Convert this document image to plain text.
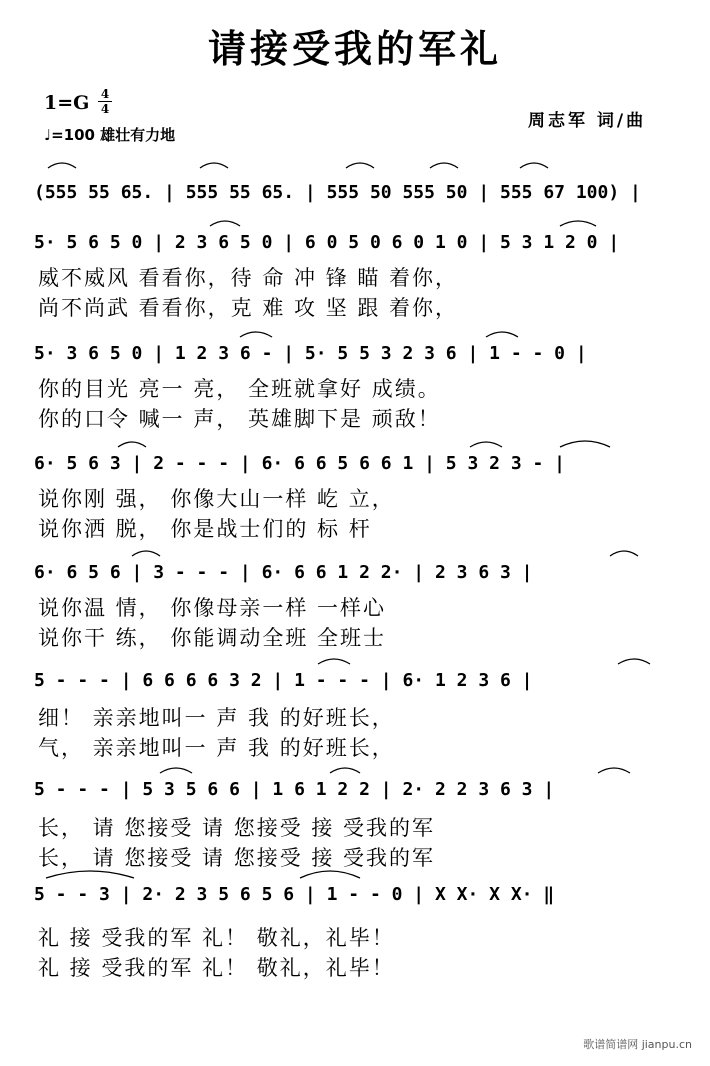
请接受我的军礼
1=G 4
4
♩=100 雄壮有力地
周志军 词/曲
(555 55 65. | 555 55 65. | 555 50 555 50 | 555 67 100) |
5· 5 6 5 0 | 2 3 6 5 0 | 6 0 5 0 6 0 1 0 | 5 3 1 2 0 |
威不威风 看看你，待 命 冲 锋 瞄 着你，
尚不尚武 看看你，克 难 攻 坚 跟 着你，
5· 3 6 5 0 | 1 2 3 6 - | 5· 5 5 3 2 3 6 | 1 - - 0 |
你的目光 亮一 亮， 全班就拿好 成绩。
你的口令 喊一 声， 英雄脚下是 顽敌！
6· 5 6 3 | 2 - - - | 6· 6 6 5 6 6 1 | 5 3 2 3 - |
说你刚 强， 你像大山一样 屹 立，
说你洒 脱， 你是战士们的 标 杆
6· 6 5 6 | 3 - - - | 6· 6 6 1 2 2· | 2 3 6 3 |
说你温 情， 你像母亲一样 一样心
说你干 练， 你能调动全班 全班士
5 - - - | 6 6 6 6 3 2 | 1 - - - | 6· 1 2 3 6 |
细！ 亲亲地叫一 声 我 的好班长，
气， 亲亲地叫一 声 我 的好班长，
5 - - - | 5 3 5 6 6 | 1 6 1 2 2 | 2· 2 2 3 6 3 |
长， 请 您接受 请 您接受 接 受我的军
长， 请 您接受 请 您接受 接 受我的军
5 - - 3 | 2· 2 3 5 6 5 6 | 1 - - 0 | X X· X X· ‖
礼 接 受我的军 礼！ 敬礼，礼毕！
礼 接 受我的军 礼！ 敬礼，礼毕！
歌谱简谱网 jianpu.cn
